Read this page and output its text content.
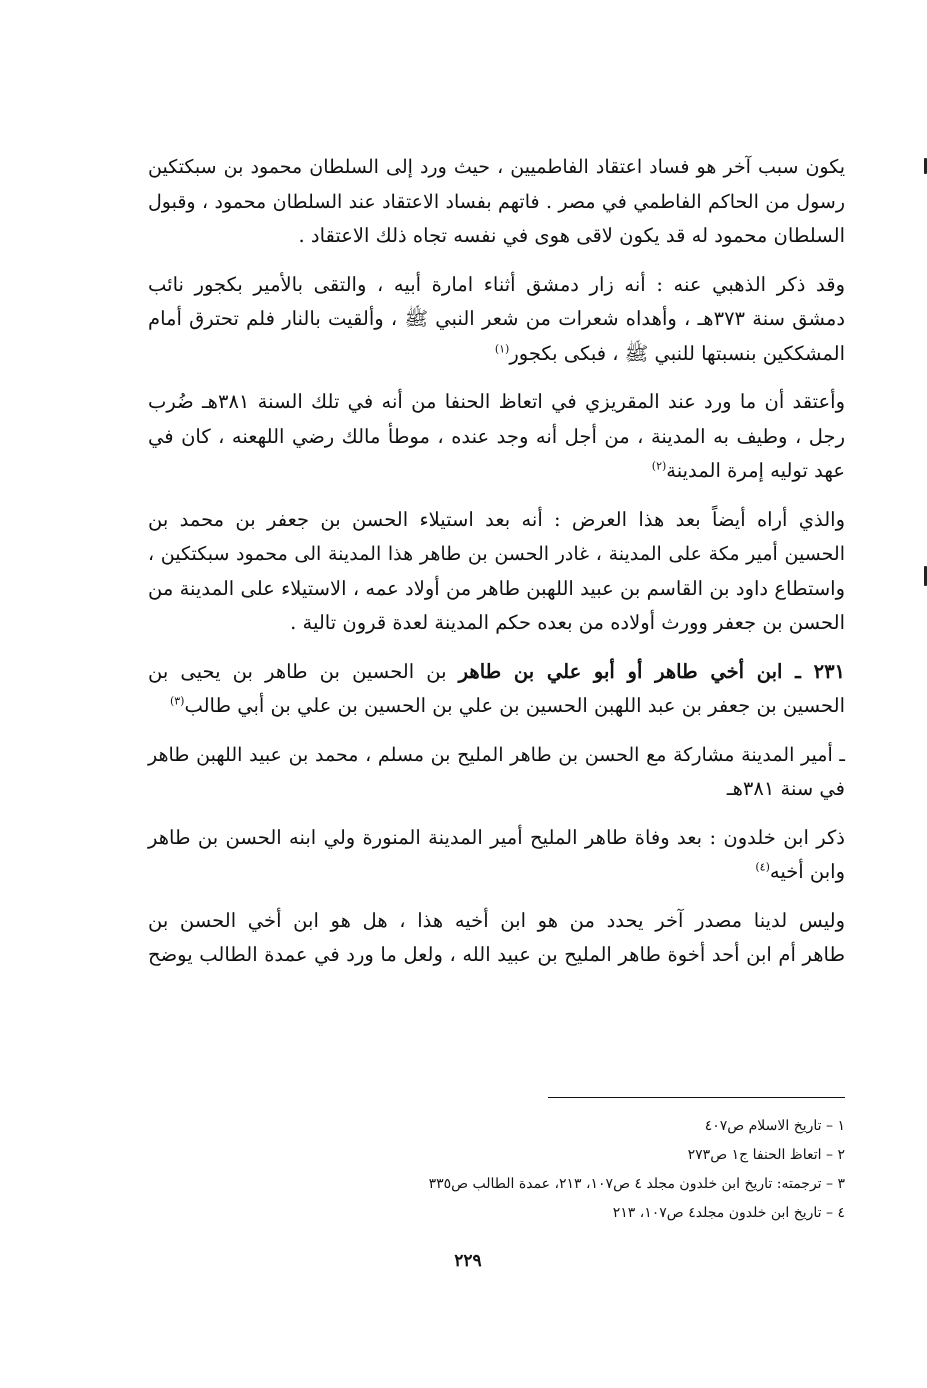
يكون سبب آخر هو فساد اعتقاد الفاطميين ، حيث ورد إلى السلطان محمود بن سبكتكين
رسول من الحاكم الفاطمي في مصر . فاتهم بفساد الاعتقاد عند السلطان محمود ، وقبول
السلطان محمود له قد يكون لاقى هوى في نفسه تجاه ذلك الاعتقاد .
وقد ذكر الذهبي عنه : أنه زار دمشق أثناء امارة أبيه ، والتقى بالأمير بكجور نائب
دمشق سنة ٣٧٣هـ ، وأهداه شعرات من شعر النبي ﷺ ، وألقيت بالنار فلم تحترق أمام
المشككين بنسبتها للنبي ﷺ ، فبكى بكجور$^{(١)}$
وأعتقد أن ما ورد عند المقريزي في اتعاظ الحنفا من أنه في تلك السنة ٣٨١هـ ضُرب
رجل ، وطيف به المدينة ، من أجل أنه وجد عنده ، موطأ مالك رضي اللهعنه ، كان في
عهد توليه إمرة المدينة$^{(٢)}$
والذي أراه أيضاً بعد هذا العرض : أنه بعد استيلاء الحسن بن جعفر بن محمد بن
الحسين أمير مكة على المدينة ، غادر الحسن بن طاهر هذا المدينة الى محمود سبكتكين ،
واستطاع داود بن القاسم بن عبيد اللهبن طاهر من أولاد عمه ، الاستيلاء على المدينة من
الحسن بن جعفر وورث أولاده من بعده حكم المدينة لعدة قرون تالية .
٢٣١ ـ ابن أخي طاهر أو أبو علي بن طاهر بن الحسين بن طاهر بن يحيى بن
الحسين بن جعفر بن عبد اللهبن الحسين بن علي بن الحسين بن علي بن أبي طالب$^{(٣)}$
ـ أمير المدينة مشاركة مع الحسن بن طاهر المليح بن مسلم ، محمد بن عبيد اللهبن طاهر
في سنة ٣٨١هـ
ذكر ابن خلدون : بعد وفاة طاهر المليح أمير المدينة المنورة ولي ابنه الحسن بن طاهر
وابن أخيه$^{(٤)}$
وليس لدينا مصدر آخر يحدد من هو ابن أخيه هذا ، هل هو ابن أخي الحسن بن
طاهر أم ابن أحد أخوة طاهر المليح بن عبيد الله ، ولعل ما ورد في عمدة الطالب يوضح
١ – تاريخ الاسلام ص٤٠٧
٢ – اتعاظ الحنفا ج١ ص٢٧٣
٣ – ترجمته: تاريخ ابن خلدون مجلد ٤ ص١٠٧، ٢١٣، عمدة الطالب ص٣٣٥
٤ – تاريخ ابن خلدون مجلد٤ ص١٠٧، ٢١٣
٢٢٩
